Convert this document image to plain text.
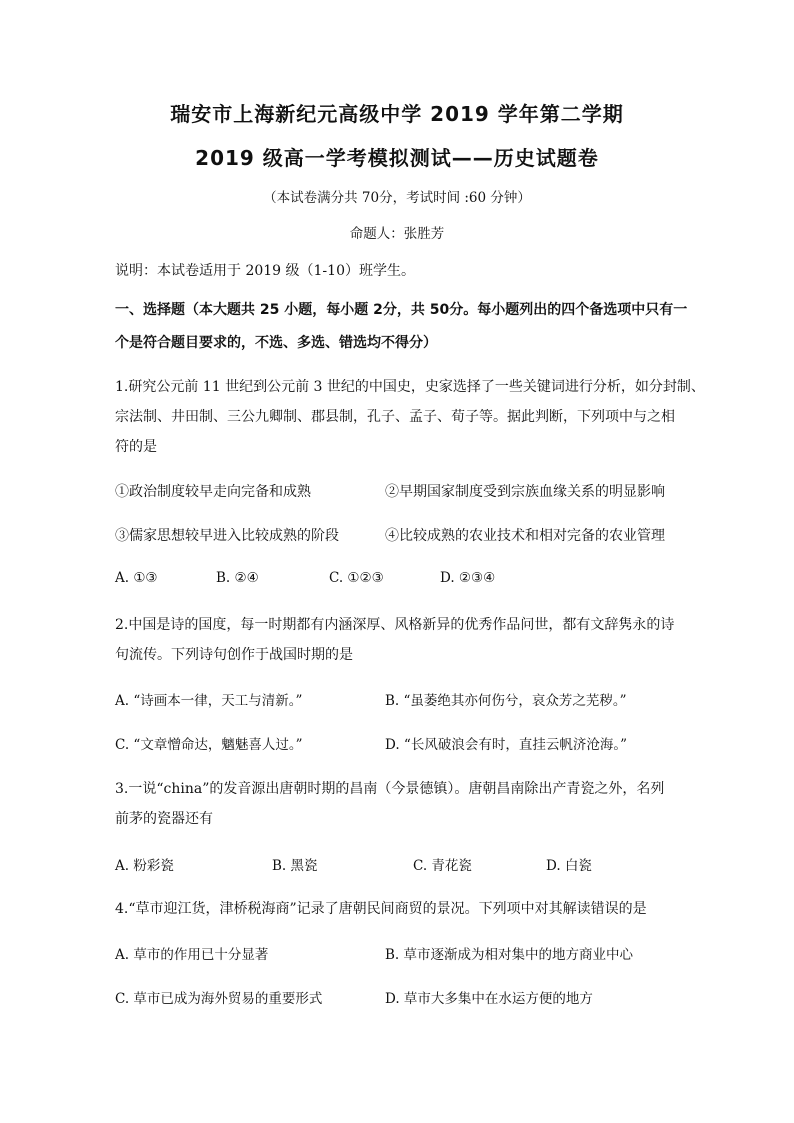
瑞安市上海新纪元高级中学 2019 学年第二学期
2019 级高一学考模拟测试——历史试题卷
（本试卷满分共 70分，考试时间 :60 分钟）
命题人：张胜芳
说明：本试卷适用于 2019 级（1-10）班学生。
一、选择题（本大题共 25 小题，每小题 2分，共 50分。每小题列出的四个备选项中只有一
个是符合题目要求的，不选、多选、错选均不得分）
1.研究公元前 11 世纪到公元前 3 世纪的中国史，史家选择了一些关键词进行分析，如分封制、
宗法制、井田制、三公九卿制、郡县制，孔子、孟子、荀子等。据此判断，下列项中与之相
符的是
①政治制度较早走向完备和成熟	②早期国家制度受到宗族血缘关系的明显影响
③儒家思想较早进入比较成熟的阶段	④比较成熟的农业技术和相对完备的农业管理
A. ①③	B. ②④	C. ①②③	D. ②③④
2.中国是诗的国度，每一时期都有内涵深厚、风格新异的优秀作品问世，都有文辞隽永的诗
句流传。下列诗句创作于战国时期的是
A. “诗画本一律，天工与清新。”	B. “虽萎绝其亦何伤兮，哀众芳之芜秽。”
C. “文章憎命达，魑魅喜人过。”	D. “长风破浪会有时，直挂云帆济沧海。”
3.一说“china”的发音源出唐朝时期的昌南（今景德镇）。唐朝昌南除出产青瓷之外，名列
前茅的瓷器还有
A. 粉彩瓷	B. 黑瓷	C. 青花瓷	D. 白瓷
4.“草市迎江货，津桥税海商”记录了唐朝民间商贸的景况。下列项中对其解读错误的是
A. 草市的作用已十分显著	B. 草市逐渐成为相对集中的地方商业中心
C. 草市已成为海外贸易的重要形式	D. 草市大多集中在水运方便的地方
